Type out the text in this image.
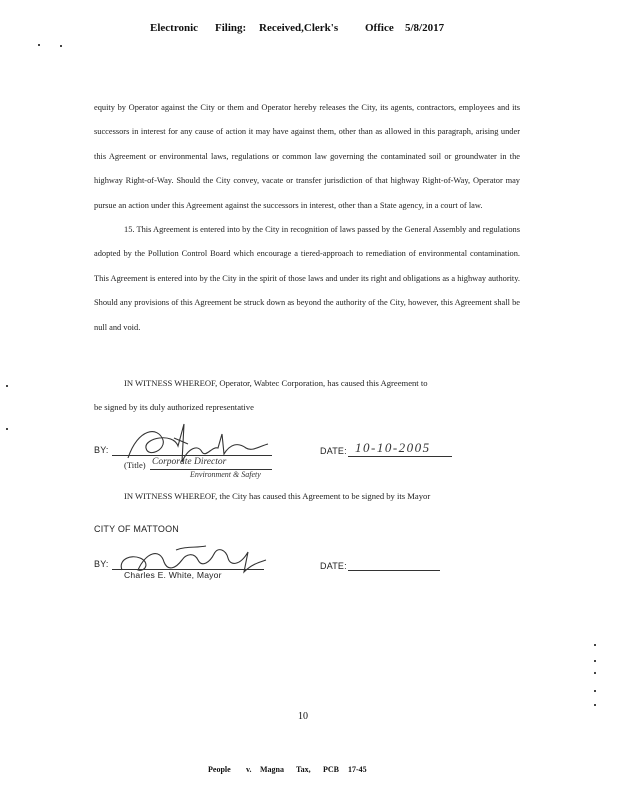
Electronic Filing: Received,Clerk's Office 5/8/2017

equity by Operator against the City or them and Operator hereby releases the City, its agents, contractors, employees and its successors in interest for any cause of action it may have against them, other than as allowed in this paragraph, arising under this Agreement or environmental laws, regulations or common law governing the contaminated soil or groundwater in the highway Right-of-Way. Should the City convey, vacate or transfer jurisdiction of that highway Right-of-Way, Operator may pursue an action under this Agreement against the successors in interest, other than a State agency, in a court of law.

15. This Agreement is entered into by the City in recognition of laws passed by the General Assembly and regulations adopted by the Pollution Control Board which encourage a tiered-approach to remediation of environmental contamination. This Agreement is entered into by the City in the spirit of those laws and under its right and obligations as a highway authority. Should any provisions of this Agreement be struck down as beyond the authority of the City, however, this Agreement shall be null and void.

IN WITNESS WHEREOF, Operator, Wabtec Corporation, has caused this Agreement to
be signed by its duly authorized representative
BY:
(Title) Corporate Director
Environment & Safety
DATE: 10-10-2005
IN WITNESS WHEREOF, the City has caused this Agreement to be signed by its Mayor
CITY OF MATTOON
BY:
Charles E. White, Mayor
DATE:
10
People v. Magna Tax, PCB 17-45
